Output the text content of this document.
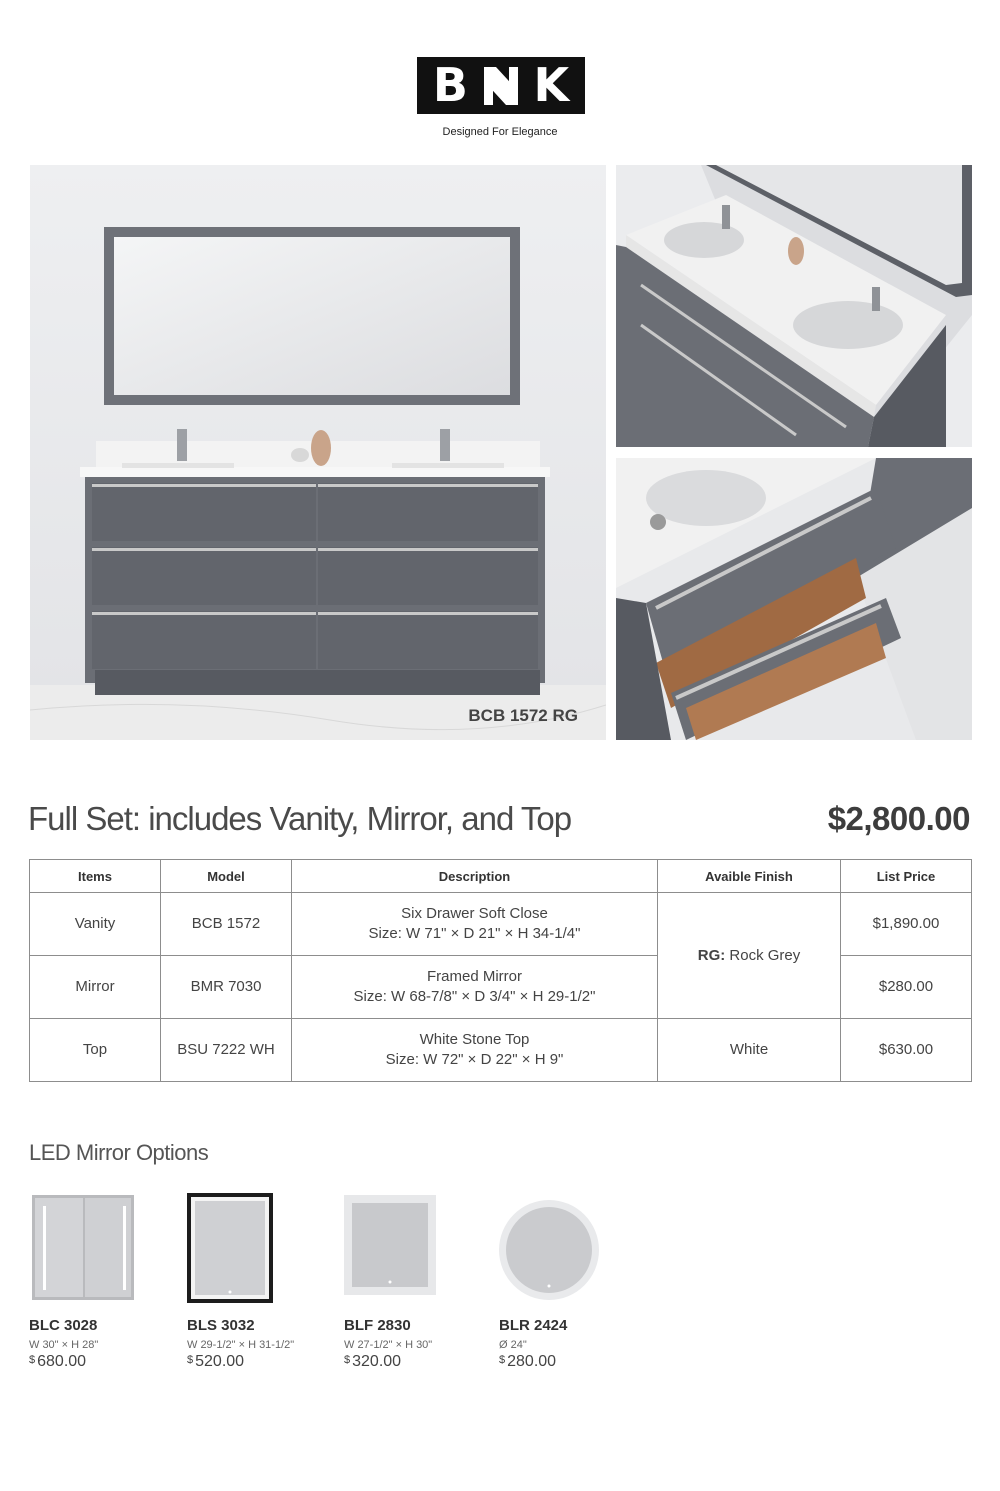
B K
Designed For Elegance
BCB 1572 RG
Full Set: includes Vanity, Mirror, and Top	$2,800.00
Items	Model	Description	Avaible Finish	List Price
Vanity	BCB 1572	Six Drawer Soft Close
Size: W 71" × D 21" × H 34-1/4"	RG: Rock Grey	$1,890.00
Mirror	BMR 7030	Framed Mirror
Size: W 68-7/8" × D 3/4" × H 29-1/2"		$280.00
Top	BSU 7222 WH	White Stone Top
Size: W 72" × D 22" × H 9"	White	$630.00
LED Mirror Options
BLC 3028
W 30" × H 28"
$ 680.00
BLS 3032
W 29-1/2" × H 31-1/2"
$ 520.00
BLF 2830
W 27-1/2" × H 30"
$ 320.00
BLR 2424
Ø 24"
$ 280.00
